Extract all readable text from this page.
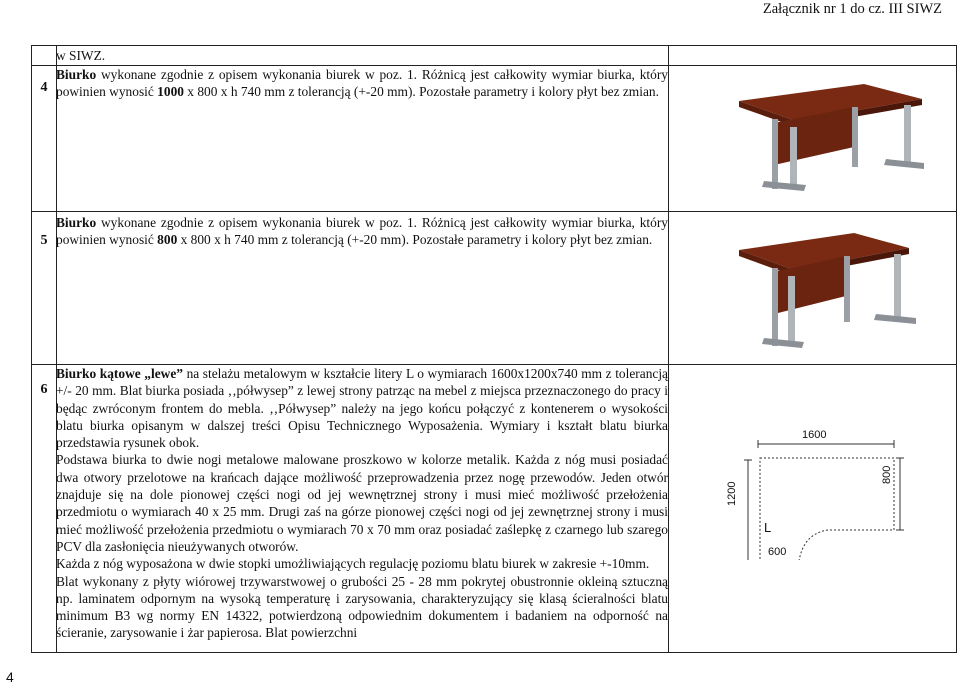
Załącznik nr 1 do cz. III SIWZ
w SIWZ.
4
Biurko wykonane zgodnie z opisem wykonania biurek w poz. 1. Różnicą jest całkowity wymiar biurka, który powinien wynosić 1000 x 800 x h 740 mm z tolerancją (+-20 mm). Pozostałe parametry i kolory płyt bez zmian.
5
Biurko wykonane zgodnie z opisem wykonania biurek w poz. 1. Różnicą jest całkowity wymiar biurka, który powinien wynosić 800 x 800 x h 740 mm z tolerancją (+-20 mm). Pozostałe parametry i kolory płyt bez zmian.
6

Biurko kątowe „lewe” na stelażu metalowym w kształcie litery L o wymiarach 1600x1200x740 mm z tolerancją +/- 20 mm. Blat biurka posiada ‚‚półwysep” z lewej strony patrząc na mebel z miejsca przeznaczonego do pracy i będąc zwróconym frontem do mebla. ‚‚Półwysep” należy na jego końcu połączyć z kontenerem o wysokości blatu biurka opisanym w dalszej treści Opisu Technicznego Wyposażenia. Wymiary i kształt blatu biurka przedstawia rysunek obok.

Podstawa biurka to dwie nogi metalowe malowane proszkowo w kolorze metalik. Każda z nóg musi posiadać dwa otwory przelotowe na krańcach dające możliwość przeprowadzenia przez nogę przewodów. Jeden otwór znajduje się na dole pionowej części nogi od jej wewnętrznej strony i musi mieć możliwość przełożenia przedmiotu o wymiarach 40 x 25 mm. Drugi zaś na górze pionowej części nogi od jej zewnętrznej strony i musi mieć możliwość przełożenia przedmiotu o wymiarach 70 x 70 mm oraz posiadać zaślepkę z czarnego lub szarego PCV dla zasłonięcia nieużywanych otworów.

Każda z nóg wyposażona w dwie stopki umożliwiających regulację poziomu blatu biurek w zakresie +-10mm.

Blat wykonany z płyty wiórowej trzywarstwowej o grubości 25 - 28 mm pokrytej obustronnie okleiną sztuczną np. laminatem odpornym na wysoką temperaturę i zarysowania, charakteryzujący się klasą ścieralności blatu minimum B3 wg normy EN 14322, potwierdzoną odpowiednim dokumentem i badaniem na odporność na ścieranie, zarysowanie i żar papierosa. Blat powierzchni

1600
1200
800
L
600
4
